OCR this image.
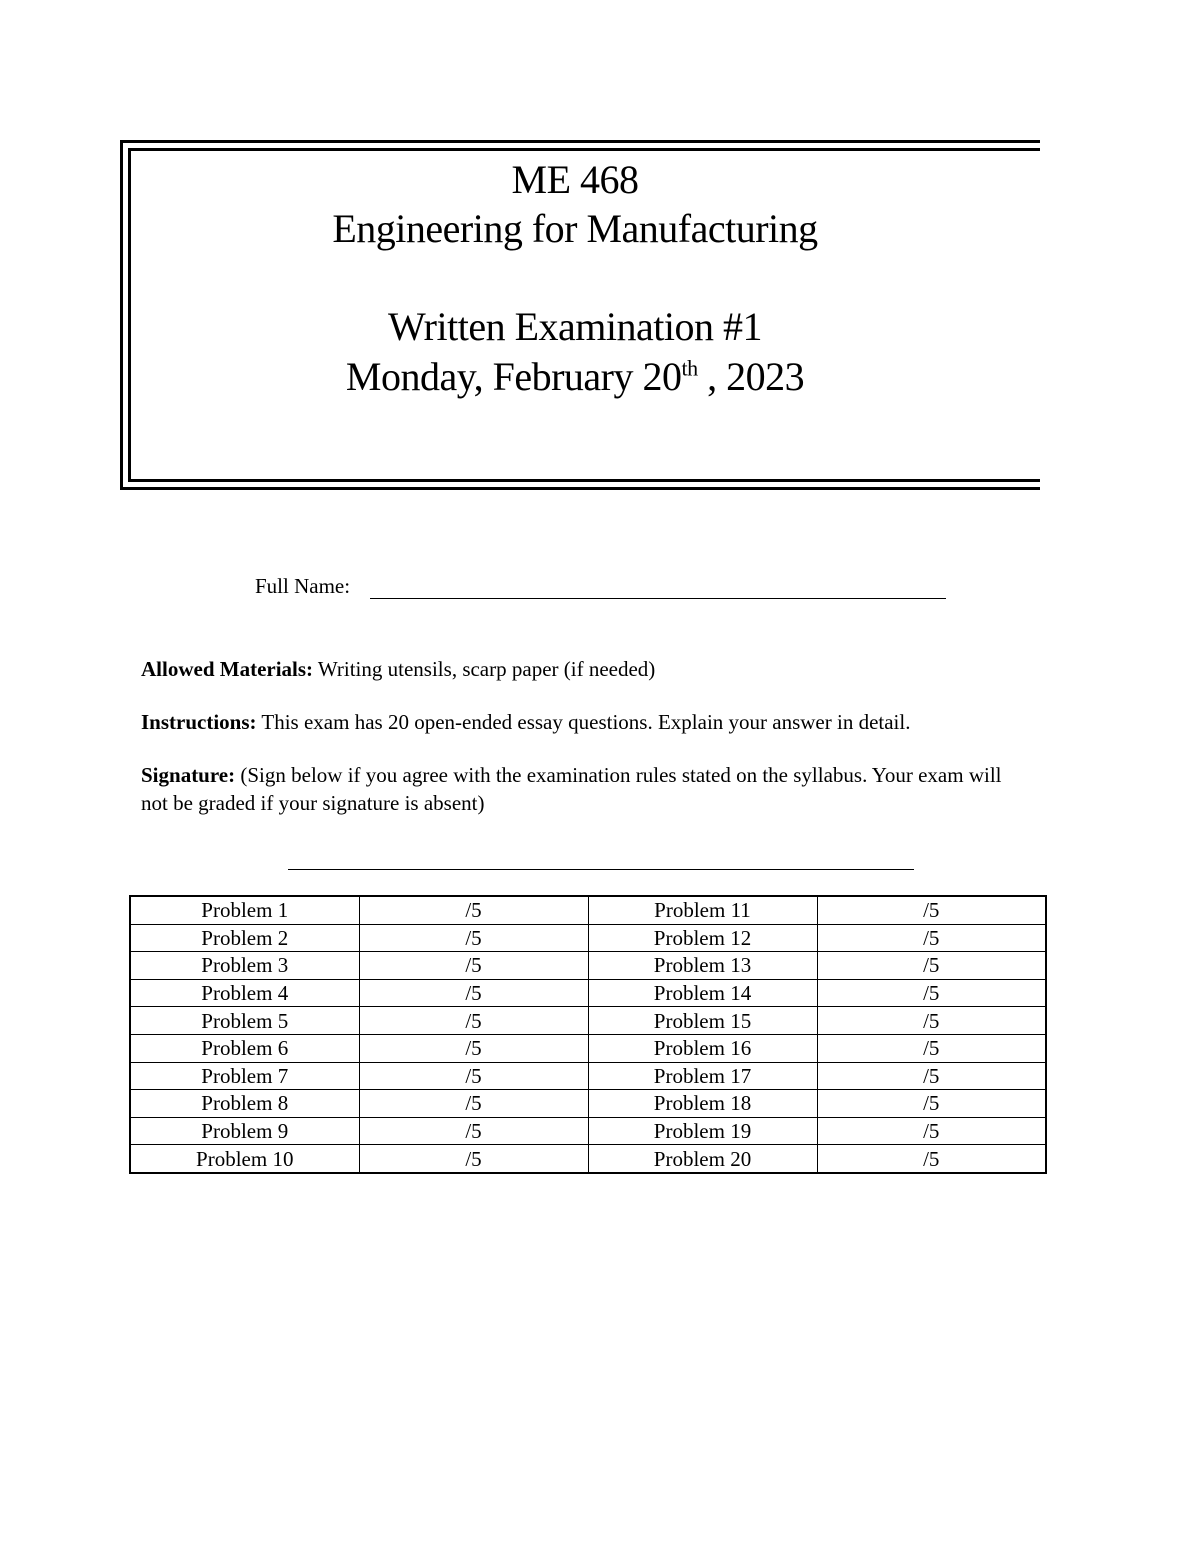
ME 468
Engineering for Manufacturing
Written Examination #1
Monday, February 20th , 2023
Full Name:
Allowed Materials: Writing utensils, scarp paper (if needed)
Instructions: This exam has 20 open-ended essay questions. Explain your answer in detail.
Signature: (Sign below if you agree with the examination rules stated on the syllabus. Your exam will not be graded if your signature is absent)
Problem 1	/5	Problem 11	/5
Problem 2	/5	Problem 12	/5
Problem 3	/5	Problem 13	/5
Problem 4	/5	Problem 14	/5
Problem 5	/5	Problem 15	/5
Problem 6	/5	Problem 16	/5
Problem 7	/5	Problem 17	/5
Problem 8	/5	Problem 18	/5
Problem 9	/5	Problem 19	/5
Problem 10	/5	Problem 20	/5
